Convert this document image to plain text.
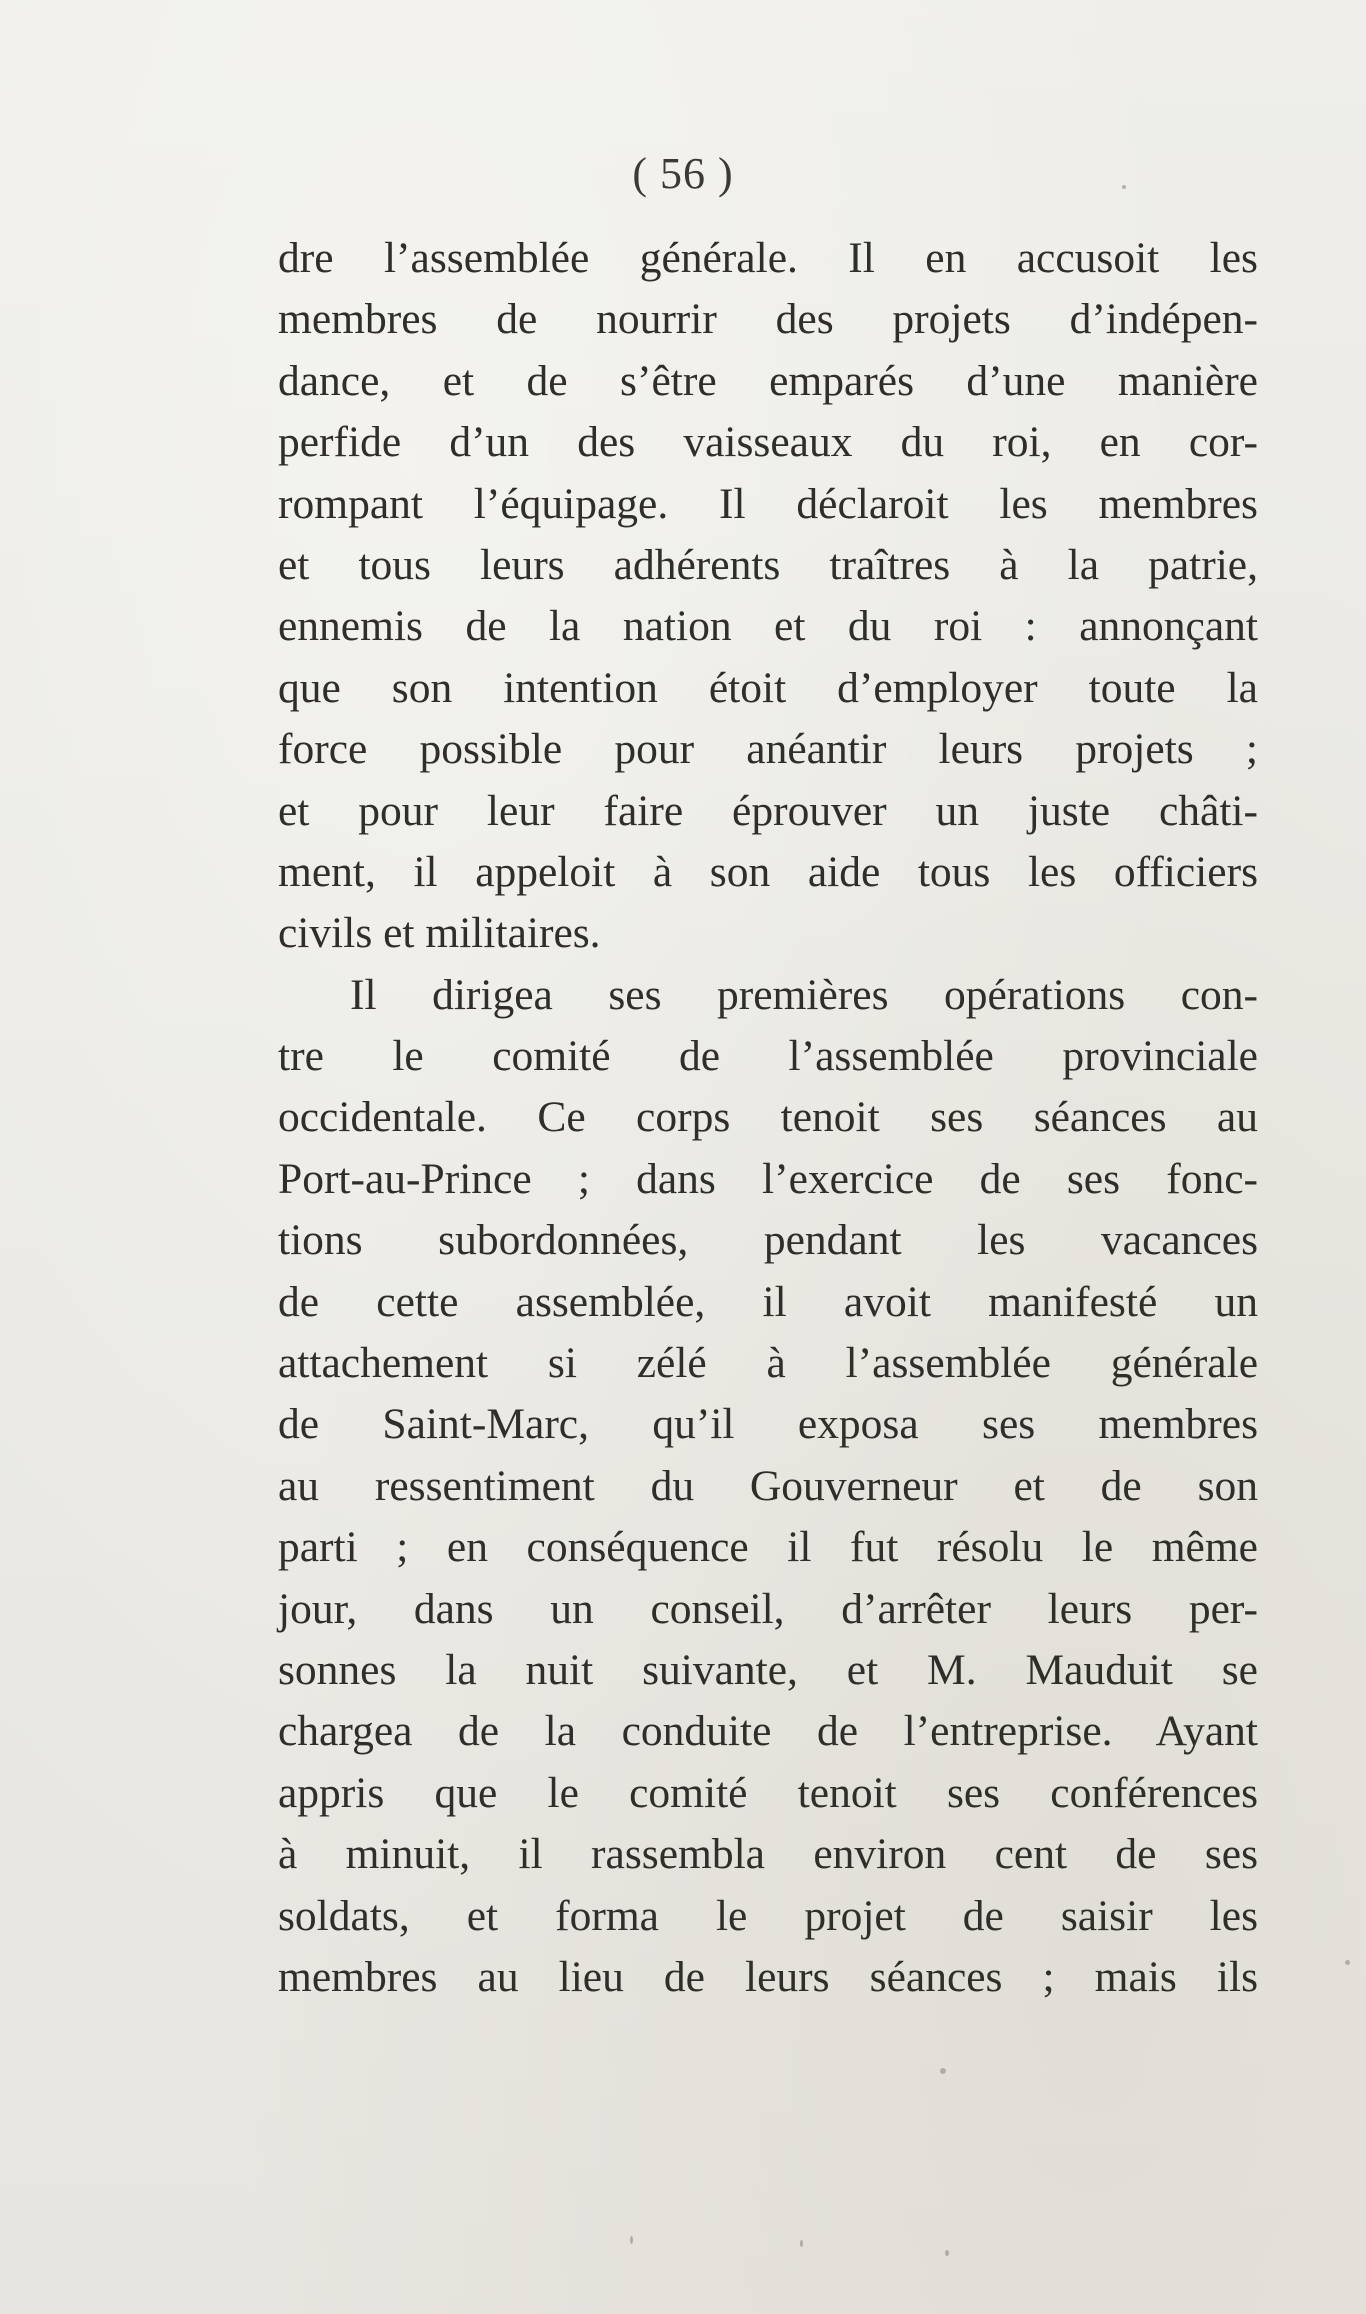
( 56 )
dre l’assemblée générale. Il en accusoit les
membres de nourrir des projets d’indépen-
dance, et de s’être emparés d’une manière
perfide d’un des vaisseaux du roi, en cor-
rompant l’équipage. Il déclaroit les membres
et tous leurs adhérents traîtres à la patrie,
ennemis de la nation et du roi : annonçant
que son intention étoit d’employer toute la
force possible pour anéantir leurs projets ;
et pour leur faire éprouver un juste châti-
ment, il appeloit à son aide tous les officiers
civils et militaires.
Il dirigea ses premières opérations con-
tre le comité de l’assemblée provinciale
occidentale. Ce corps tenoit ses séances au
Port-au-Prince ; dans l’exercice de ses fonc-
tions subordonnées, pendant les vacances
de cette assemblée, il avoit manifesté un
attachement si zélé à l’assemblée générale
de Saint-Marc, qu’il exposa ses membres
au ressentiment du Gouverneur et de son
parti ; en conséquence il fut résolu le même
jour, dans un conseil, d’arrêter leurs per-
sonnes la nuit suivante, et M. Mauduit se
chargea de la conduite de l’entreprise. Ayant
appris que le comité tenoit ses conférences
à minuit, il rassembla environ cent de ses
soldats, et forma le projet de saisir les
membres au lieu de leurs séances ; mais ils
